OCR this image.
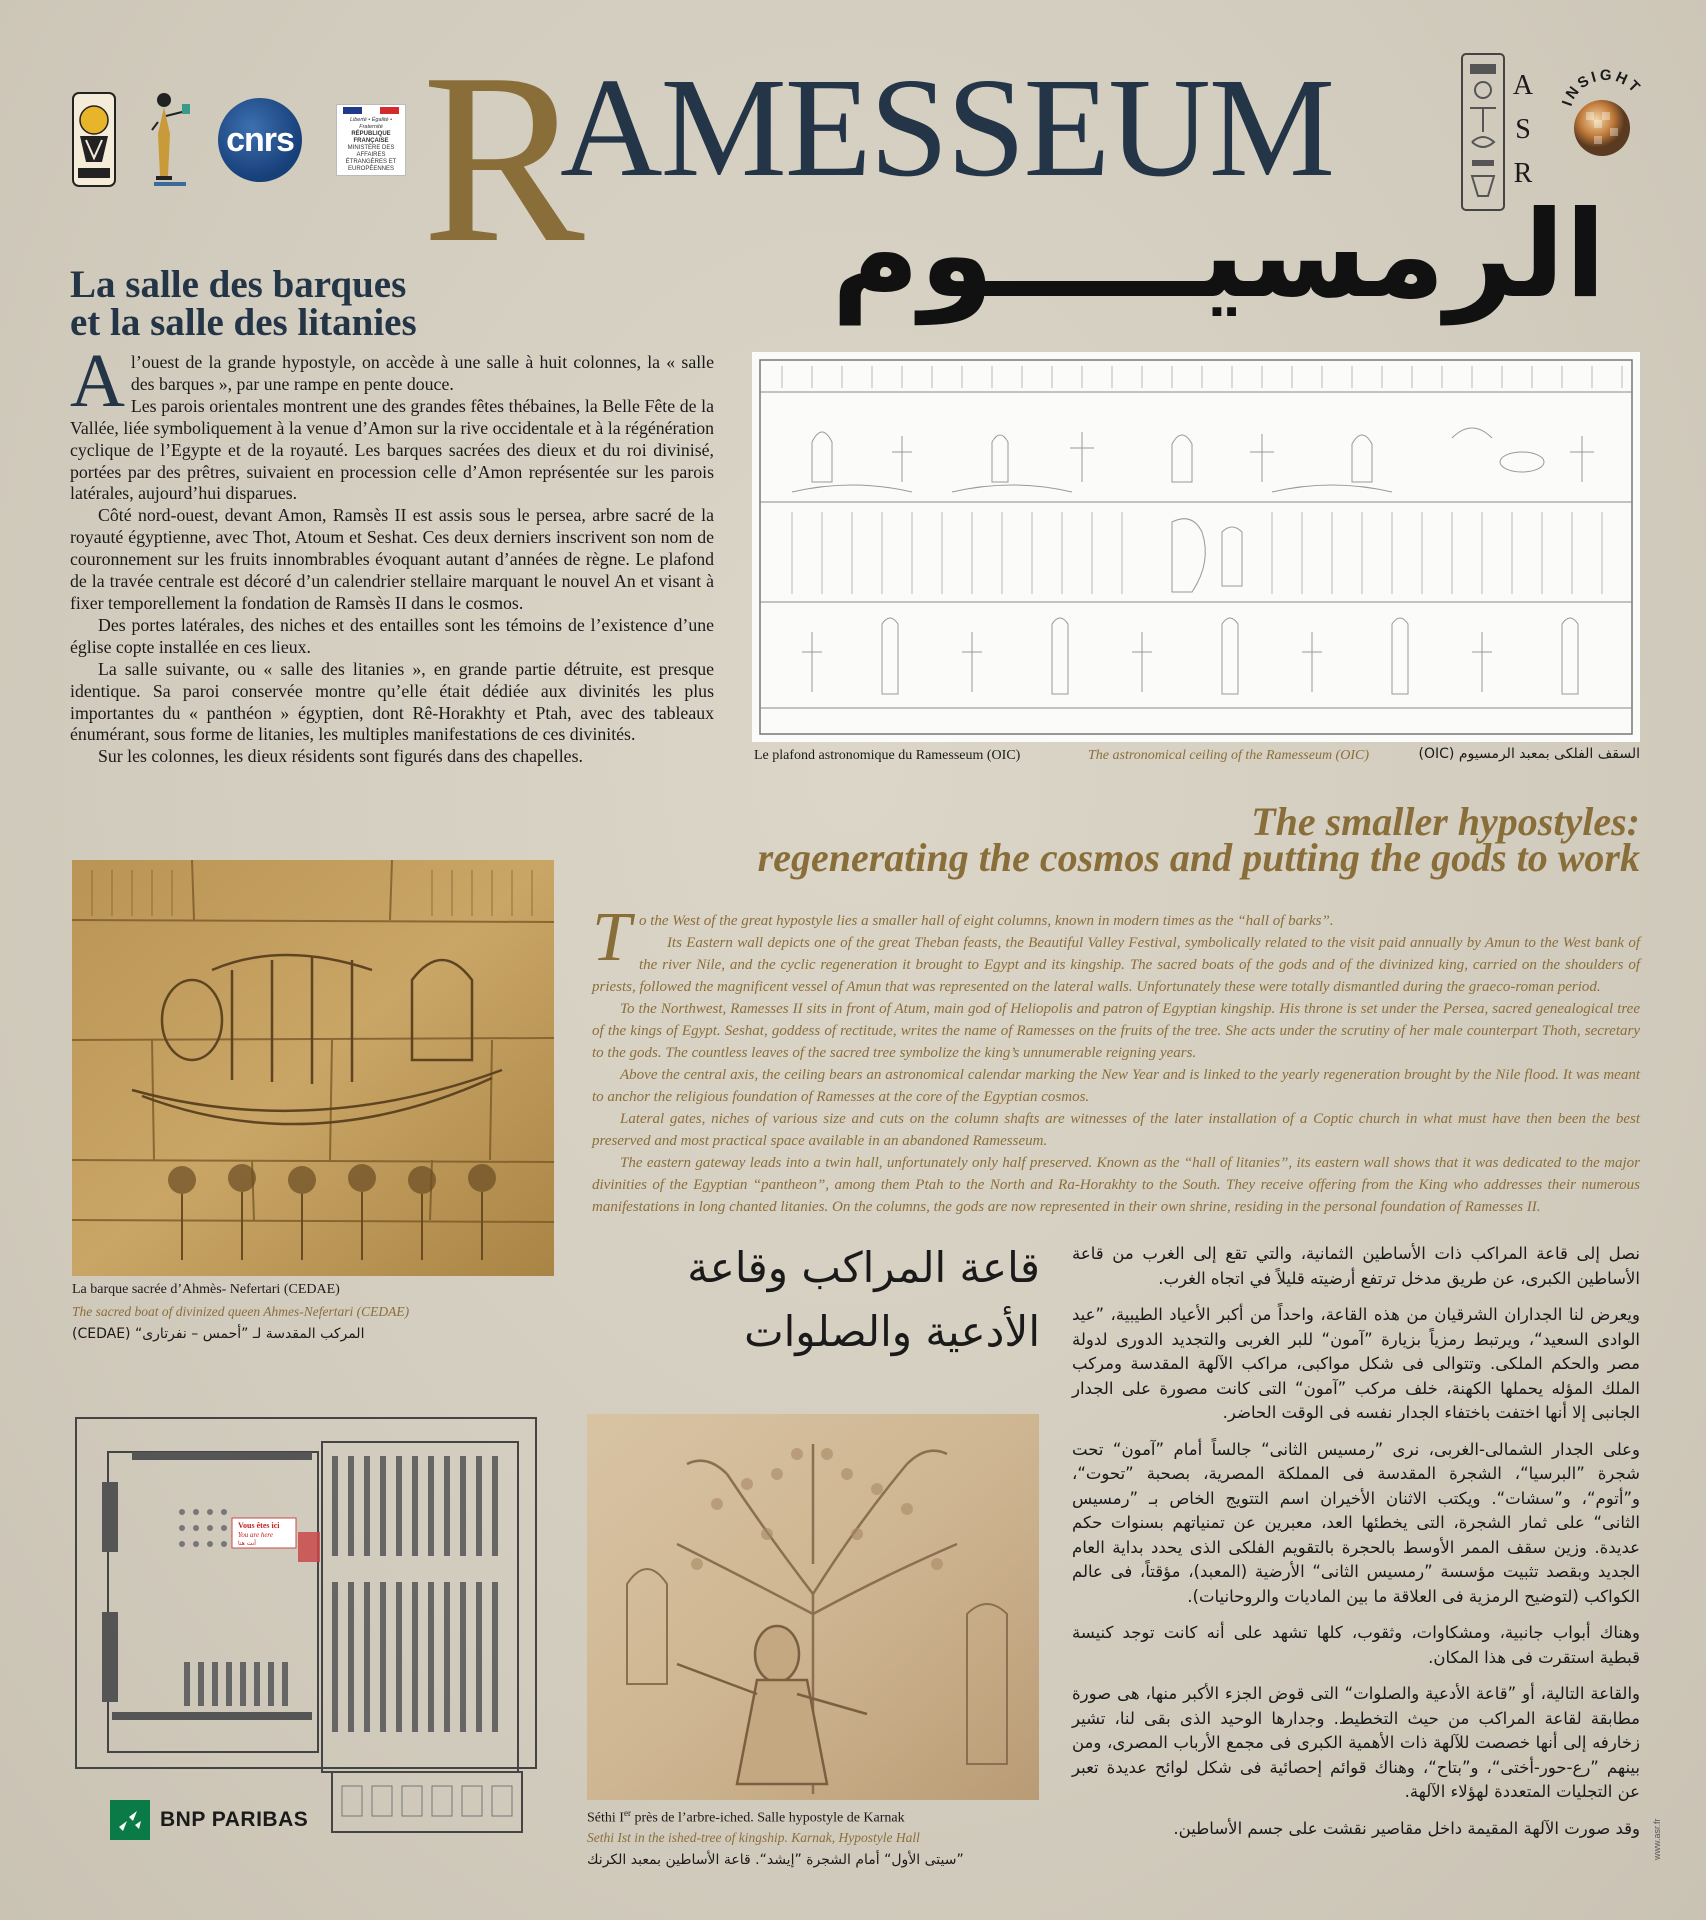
cnrs
Liberté • Égalité • Fraternité
RÉPUBLIQUE FRANÇAISE
MINISTÈRE DES AFFAIRES ÉTRANGÈRES ET EUROPÉENNES R
AMESSEUM
الرمسيـــــوم
A
S
R
INSIGHT
La salle des barques
et la salle des litanies

Al’ouest de la grande hypostyle, on accède à une salle à huit colonnes, la « salle des barques », par une rampe en pente douce.

Les parois orientales montrent une des grandes fêtes thébaines, la Belle Fête de la Vallée, liée symboliquement à la venue d’Amon sur la rive occidentale et à la régénération cyclique de l’Egypte et de la royauté. Les barques sacrées des dieux et du roi divinisé, portées par des prêtres, suivaient en procession celle d’Amon représentée sur les parois latérales, aujourd’hui disparues.

Côté nord-ouest, devant Amon, Ramsès II est assis sous le persea, arbre sacré de la royauté égyptienne, avec Thot, Atoum et Seshat. Ces deux derniers inscrivent son nom de couronnement sur les fruits innombrables évoquant autant d’années de règne. Le plafond de la travée centrale est décoré d’un calendrier stellaire marquant le nouvel An et visant à fixer temporellement la fondation de Ramsès II dans le cosmos.

Des portes latérales, des niches et des entailles sont les témoins de l’existence d’une église copte installée en ces lieux.

La salle suivante, ou « salle des litanies », en grande partie détruite, est presque identique. Sa paroi conservée montre qu’elle était dédiée aux divinités les plus importantes du « panthéon » égyptien, dont Rê-Horakhty et Ptah, avec des tableaux énumérant, sous forme de litanies, les multiples manifestations de ces divinités.

Sur les colonnes, les dieux résidents sont figurés dans des chapelles.	Le plafond astronomique du Ramesseum (OIC)	The astronomical ceiling of the Ramesseum (OIC)	السقف الفلكى بمعبد الرمسيوم (OIC)
The smaller hypostyles:
regenerating the cosmos and putting the gods to work

To the West of the great hypostyle lies a smaller hall of eight columns, known in modern times as the “hall of barks”.

Its Eastern wall depicts one of the great Theban feasts, the Beautiful Valley Festival, symbolically related to the visit paid annually by Amun to the West bank of the river Nile, and the cyclic regeneration it brought to Egypt and its kingship. The sacred boats of the gods and of the divinized king, carried on the shoulders of priests, followed the magnificent vessel of Amun that was represented on the lateral walls. Unfortunately these were totally dismantled during the graeco-roman period.

To the Northwest, Ramesses II sits in front of Atum, main god of Heliopolis and patron of Egyptian kingship. His throne is set under the Persea, sacred genealogical tree of the kings of Egypt. Seshat, goddess of rectitude, writes the name of Ramesses on the fruits of the tree. She acts under the scrutiny of her male counterpart Thoth, secretary to the gods. The countless leaves of the sacred tree symbolize the king’s unnumerable reigning years.

Above the central axis, the ceiling bears an astronomical calendar marking the New Year and is linked to the yearly regeneration brought by the Nile flood. It was meant to anchor the religious foundation of Ramesses at the core of the Egyptian cosmos.

Lateral gates, niches of various size and cuts on the column shafts are witnesses of the later installation of a Coptic church in what must have then been the best preserved and most practical space available in an abandoned Ramesseum.

The eastern gateway leads into a twin hall, unfortunately only half preserved. Known as the “hall of litanies”, its eastern wall shows that it was dedicated to the major divinities of the Egyptian “pantheon”, among them Ptah to the North and Ra-Horakhty to the South. They receive offering from the King who addresses their numerous manifestations in long chanted litanies. On the columns, the gods are now represented in their own shrine, residing in the personal foundation of Ramesses II.

La barque sacrée d’Ahmès- Nefertari (CEDAE)
The sacred boat of divinized queen Ahmes-Nefertari (CEDAE)
المركب المقدسة لـ ”أحمس – نفرتارى“ (CEDAE)
قاعة المراكب وقاعة
الأدعية والصلوات

نصل إلى قاعة المراكب ذات الأساطين الثمانية، والتي تقع إلى الغرب من قاعة الأساطين الكبرى، عن طريق مدخل ترتفع أرضيته قليلاً في اتجاه الغرب.

ويعرض لنا الجداران الشرقيان من هذه القاعة، واحداً من أكبر الأعياد الطيبية، ”عيد الوادى السعيد“، ويرتبط رمزياً بزيارة ”آمون“ للبر الغربى والتجديد الدورى لدولة مصر والحكم الملكى. وتتوالى فى شكل مواكبى، مراكب الآلهة المقدسة ومركب الملك المؤله يحملها الكهنة، خلف مركب ”آمون“ التى كانت مصورة على الجدار الجانبى إلا أنها اختفت باختفاء الجدار نفسه فى الوقت الحاضر.

وعلى الجدار الشمالى-الغربى، نرى ”رمسيس الثانى“ جالساً أمام ”آمون“ تحت شجرة ”البرسيا“، الشجرة المقدسة فى المملكة المصرية، بصحبة ”تحوت“، و”أتوم“، و”سشات“. ويكتب الاثنان الأخيران اسم التتويج الخاص بـ ”رمسيس الثانى“ على ثمار الشجرة، التى يخطئها العد، معبرين عن تمنياتهم بسنوات حكم عديدة. وزين سقف الممر الأوسط بالحجرة بالتقويم الفلكى الذى يحدد بداية العام الجديد وبقصد تثبيت مؤسسة ”رمسيس الثانى“ الأرضية (المعبد)، مؤقتاً، فى عالم الكواكب (لتوضيح الرمزية فى العلاقة ما بين الماديات والروحانيات).

وهناك أبواب جانبية، ومشكاوات، وثقوب، كلها تشهد على أنه كانت توجد كنيسة قبطية استقرت فى هذا المكان.

والقاعة التالية، أو ”قاعة الأدعية والصلوات“ التى قوض الجزء الأكبر منها، هى صورة مطابقة لقاعة المراكب من حيث التخطيط. وجدارها الوحيد الذى بقى لنا، تشير زخارفه إلى أنها خصصت للآلهة ذات الأهمية الكبرى فى مجمع الأرباب المصرى، ومن بينهم ”رع-حور-أختى“، و”بتاح“، وهناك قوائم إحصائية فى شكل لوائح عديدة تعبر عن التجليات المتعددة لهؤلاء الآلهة.

وقد صورت الآلهة المقيمة داخل مقاصير نقشت على جسم الأساطين.

Vous êtes ici
You are here
أنت هنا
BNP PARIBAS	Séthi Ier près de l’arbre-iched. Salle hypostyle de Karnak
Sethi Ist in the ished-tree of kingship. Karnak, Hypostyle Hall
”سيتى الأول“ أمام الشجرة ”إيشد“. قاعة الأساطين بمعبد الكرنك	www.asr.fr
